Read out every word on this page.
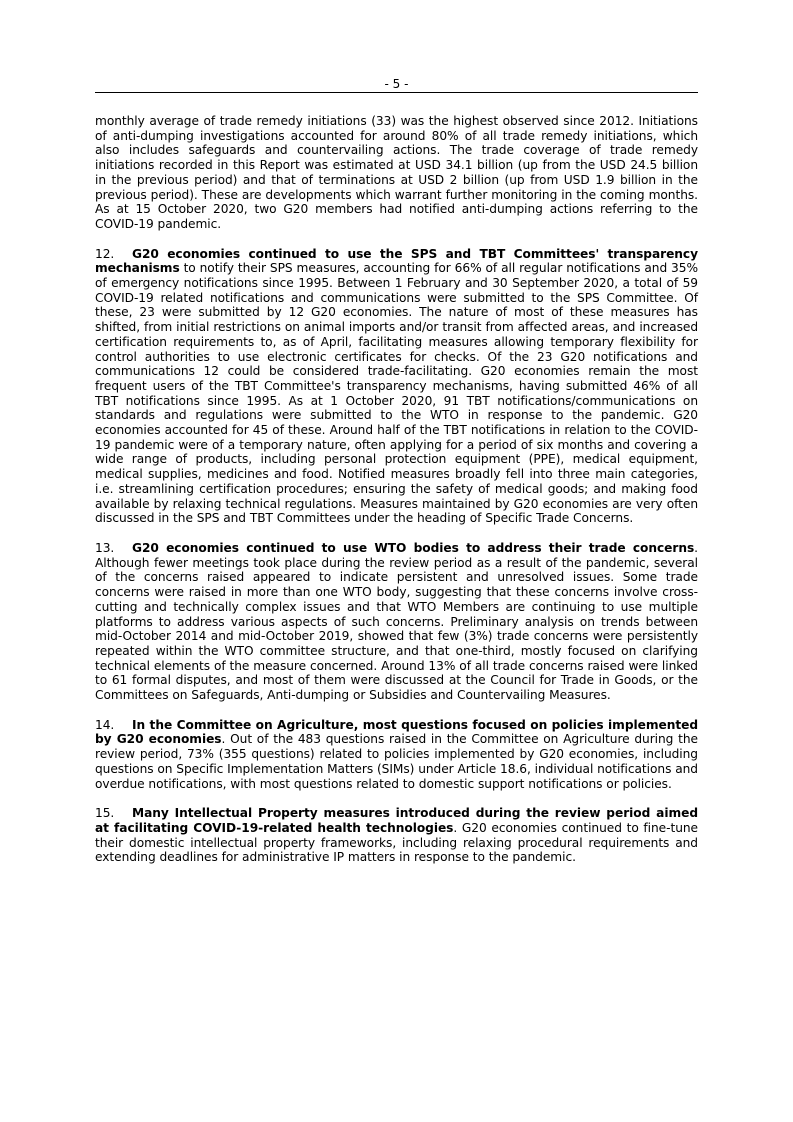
- 5 -

monthly average of trade remedy initiations (33) was the highest observed since 2012. Initiations of anti-dumping investigations accounted for around 80% of all trade remedy initiations, which also includes safeguards and countervailing actions. The trade coverage of trade remedy initiations recorded in this Report was estimated at USD 34.1 billion (up from the USD 24.5 billion in the previous period) and that of terminations at USD 2 billion (up from USD 1.9 billion in the previous period). These are developments which warrant further monitoring in the coming months. As at 15 October 2020, two G20 members had notified anti-dumping actions referring to the COVID-19 pandemic.

12. G20 economies continued to use the SPS and TBT Committees' transparency mechanisms to notify their SPS measures, accounting for 66% of all regular notifications and 35% of emergency notifications since 1995. Between 1 February and 30 September 2020, a total of 59 COVID-19 related notifications and communications were submitted to the SPS Committee. Of these, 23 were submitted by 12 G20 economies. The nature of most of these measures has shifted, from initial restrictions on animal imports and/or transit from affected areas, and increased certification requirements to, as of April, facilitating measures allowing temporary flexibility for control authorities to use electronic certificates for checks. Of the 23 G20 notifications and communications 12 could be considered trade-facilitating. G20 economies remain the most frequent users of the TBT Committee's transparency mechanisms, having submitted 46% of all TBT notifications since 1995. As at 1 October 2020, 91 TBT notifications/communications on standards and regulations were submitted to the WTO in response to the pandemic. G20 economies accounted for 45 of these. Around half of the TBT notifications in relation to the COVID-19 pandemic were of a temporary nature, often applying for a period of six months and covering a wide range of products, including personal protection equipment (PPE), medical equipment, medical supplies, medicines and food. Notified measures broadly fell into three main categories, i.e. streamlining certification procedures; ensuring the safety of medical goods; and making food available by relaxing technical regulations. Measures maintained by G20 economies are very often discussed in the SPS and TBT Committees under the heading of Specific Trade Concerns.

13. G20 economies continued to use WTO bodies to address their trade concerns. Although fewer meetings took place during the review period as a result of the pandemic, several of the concerns raised appeared to indicate persistent and unresolved issues. Some trade concerns were raised in more than one WTO body, suggesting that these concerns involve cross-cutting and technically complex issues and that WTO Members are continuing to use multiple platforms to address various aspects of such concerns. Preliminary analysis on trends between mid-October 2014 and mid-October 2019, showed that few (3%) trade concerns were persistently repeated within the WTO committee structure, and that one-third, mostly focused on clarifying technical elements of the measure concerned. Around 13% of all trade concerns raised were linked to 61 formal disputes, and most of them were discussed at the Council for Trade in Goods, or the Committees on Safeguards, Anti-dumping or Subsidies and Countervailing Measures.

14. In the Committee on Agriculture, most questions focused on policies implemented by G20 economies. Out of the 483 questions raised in the Committee on Agriculture during the review period, 73% (355 questions) related to policies implemented by G20 economies, including questions on Specific Implementation Matters (SIMs) under Article 18.6, individual notifications and overdue notifications, with most questions related to domestic support notifications or policies.

15. Many Intellectual Property measures introduced during the review period aimed at facilitating COVID-19-related health technologies. G20 economies continued to fine-tune their domestic intellectual property frameworks, including relaxing procedural requirements and extending deadlines for administrative IP matters in response to the pandemic.
